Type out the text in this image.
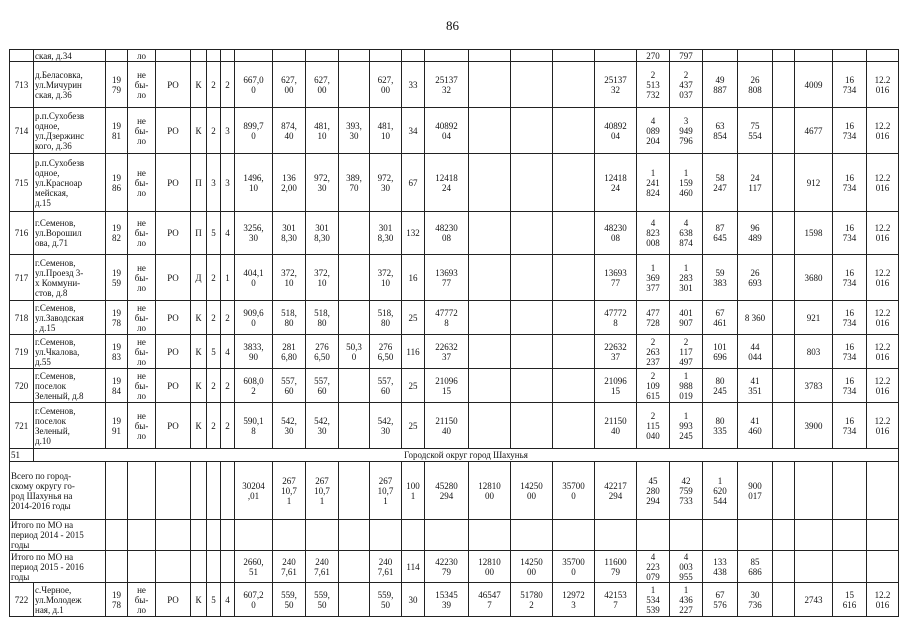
86
	ская, д.34		ло																270	797						
713	д.Беласовка,
ул.Мичурин
ская, д.36	19
79	не
бы-
ло	РО	К	2	2	667,0
0	627,
00	627,
00		627,
00	33	25137
32				25137
32	2
513
732	2
437
037	49
887	26
808		4009	16
734	12.2
016
714	р.п.Сухобезв
одное,
ул.Дзержинс
кого, д.36	19
81	не
бы-
ло	РО	К	2	3	899,7
0	874,
40	481,
10	393,
30	481,
10	34	40892
04				40892
04	4
089
204	3
949
796	63
854	75
554		4677	16
734	12.2
016
715	р.п.Сухобезв
одное,
ул.Краснoар
мейская,
д.15	19
86	не
бы-
ло	РО	П	3	3	1496,
10	136
2,00	972,
30	389,
70	972,
30	67	12418
24				12418
24	1
241
824	1
159
460	58
247	24
117		912	16
734	12.2
016
716	г.Семенов,
ул.Ворошил
ова, д.71	19
82	не
бы-
ло	РО	П	5	4	3256,
30	301
8,30	301
8,30		301
8,30	132	48230
08				48230
08	4
823
008	4
638
874	87
645	96
489		1598	16
734	12.2
016
717	г.Семенов,
ул.Проезд 3-
х Коммуни-
стов, д.8	19
59	не
бы-
ло	РО	Д	2	1	404,1
0	372,
10	372,
10		372,
10	16	13693
77				13693
77	1
369
377	1
283
301	59
383	26
693		3680	16
734	12.2
016
718	г.Семенов,
ул.Заводская
, д.15	19
78	не
бы-
ло	РО	К	2	2	909,6
0	518,
80	518,
80		518,
80	25	47772
8				47772
8	477
728	401
907	67
461	8 360		921	16
734	12.2
016
719	г.Семенов,
ул.Чкалова,
д.55	19
83	не
бы-
ло	РО	К	5	4	3833,
90	281
6,80	276
6,50	50,3
0	276
6,50	116	22632
37				22632
37	2
263
237	2
117
497	101
696	44
044		803	16
734	12.2
016
720	г.Семенов,
поселок
Зеленый, д.8	19
84	не
бы-
ло	РО	К	2	2	608,0
2	557,
60	557,
60		557,
60	25	21096
15				21096
15	2
109
615	1
988
019	80
245	41
351		3783	16
734	12.2
016
721	г.Семенов,
поселок
Зеленый,
д.10	19
91	не
бы-
ло	РО	К	2	2	590,1
8	542,
30	542,
30		542,
30	25	21150
40				21150
40	2
115
040	1
993
245	80
335	41
460		3900	16
734	12.2
016
51	Городской округ город Шахунья																									
Всего по город-
скому округу го-
род Шахунья на
2014-2016 годы								30204
,01	267
10,7
1	267
10,7
1		267
10,7
1	100
1	45280
294	12810
00	14250
00	35700
0	42217
294	45
280
294	42
759
733	1
620
544	900
017				
Итого по МО на
период 2014 - 2015
годы																										
Итого по МО на
период 2015 - 2016
годы								2660,
51	240
7,61	240
7,61		240
7,61	114	42230
79	12810
00	14250
00	35700
0	11600
79	4
223
079	4
003
955	133
438	85
686				
722	с.Черное,
ул.Молодеж
ная, д.1	19
78	не
бы-
ло	РО	К	5	4	607,2
0	559,
50	559,
50		559,
50	30	15345
39	46547
7	51780
2	12972
3	42153
7	1
534
539	1
436
227	67
576	30
736		2743	15
616	12.2
016
